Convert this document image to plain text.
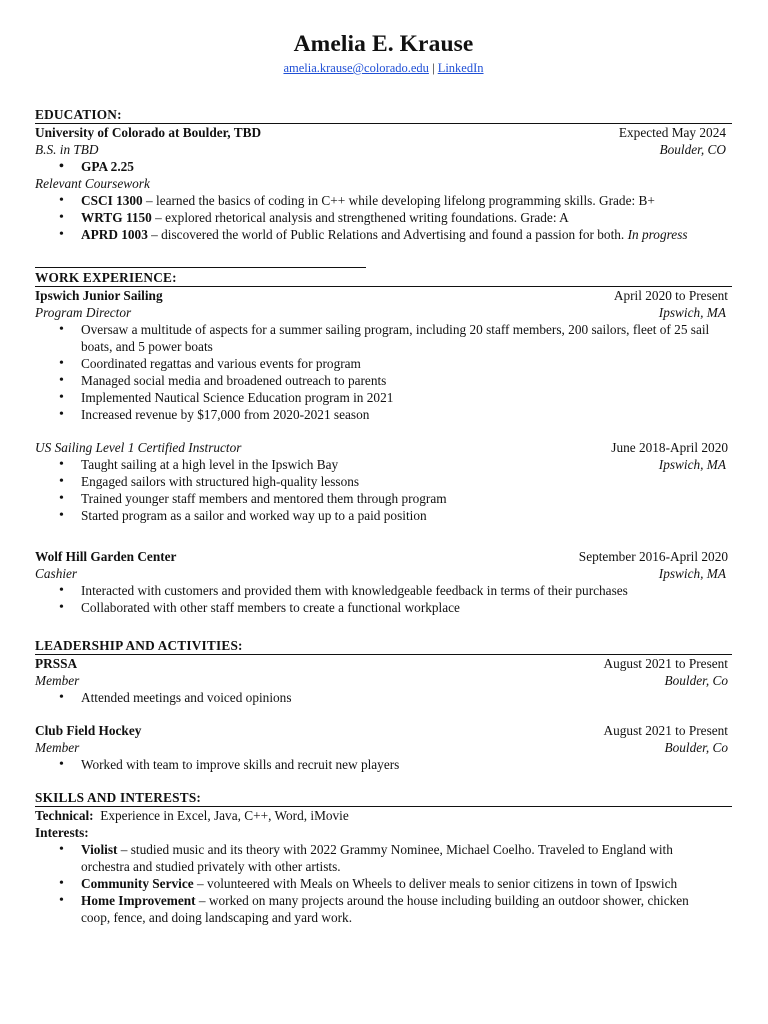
Amelia E. Krause
amelia.krause@colorado.edu | LinkedIn
EDUCATION:
University of Colorado at Boulder, TBD	Expected May 2024
B.S. in TBD	Boulder, CO
• GPA 2.25
Relevant Coursework
• CSCI 1300 – learned the basics of coding in C++ while developing lifelong programming skills. Grade: B+
• WRTG 1150 – explored rhetorical analysis and strengthened writing foundations. Grade: A
• APRD 1003 – discovered the world of Public Relations and Advertising and found a passion for both. In progress
WORK EXPERIENCE:
Ipswich Junior Sailing	April 2020 to Present
Program Director	Ipswich, MA
• Oversaw a multitude of aspects for a summer sailing program, including 20 staff members, 200 sailors, fleet of 25 sail boats, and 5 power boats
• Coordinated regattas and various events for program
• Managed social media and broadened outreach to parents
• Implemented Nautical Science Education program in 2021
• Increased revenue by $17,000 from 2020-2021 season
US Sailing Level 1 Certified Instructor	June 2018-April 2020
• Taught sailing at a high level in the Ipswich Bay	Ipswich, MA
• Engaged sailors with structured high-quality lessons
• Trained younger staff members and mentored them through program
• Started program as a sailor and worked way up to a paid position
Wolf Hill Garden Center	September 2016-April 2020
Cashier	Ipswich, MA
• Interacted with customers and provided them with knowledgeable feedback in terms of their purchases
• Collaborated with other staff members to create a functional workplace
LEADERSHIP AND ACTIVITIES:
PRSSA	August 2021 to Present
Member	Boulder, Co
• Attended meetings and voiced opinions
Club Field Hockey	August 2021 to Present
Member	Boulder, Co
• Worked with team to improve skills and recruit new players
SKILLS AND INTERESTS:
Technical: Experience in Excel, Java, C++, Word, iMovie
Interests:
• Violist – studied music and its theory with 2022 Grammy Nominee, Michael Coelho. Traveled to England with orchestra and studied privately with other artists.
• Community Service – volunteered with Meals on Wheels to deliver meals to senior citizens in town of Ipswich
• Home Improvement – worked on many projects around the house including building an outdoor shower, chicken coop, fence, and doing landscaping and yard work.
